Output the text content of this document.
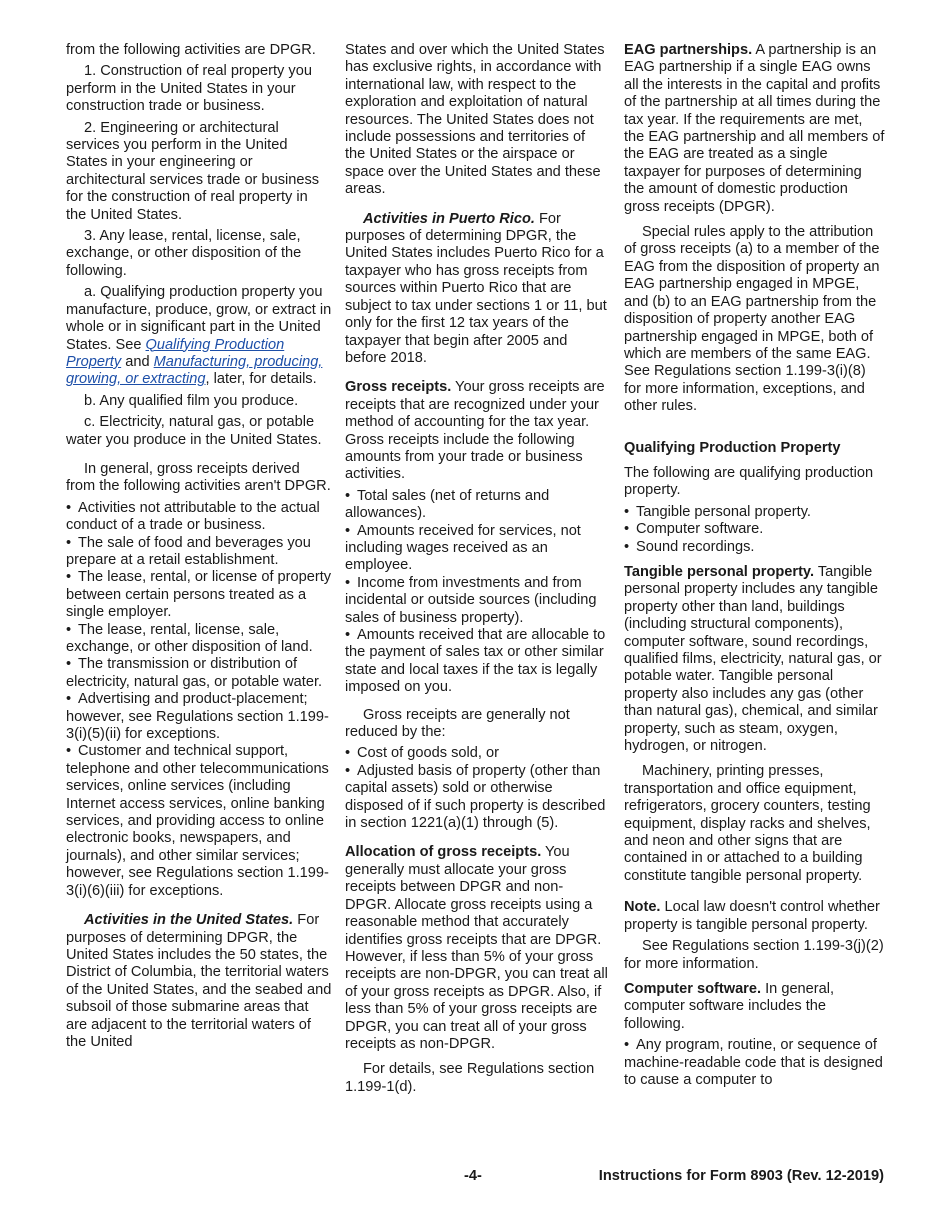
from the following activities are DPGR.

1. Construction of real property you perform in the United States in your construction trade or business.

2. Engineering or architectural services you perform in the United States in your engineering or architectural services trade or business for the construction of real property in the United States.

3. Any lease, rental, license, sale, exchange, or other disposition of the following.

a. Qualifying production property you manufacture, produce, grow, or extract in whole or in significant part in the United States. See Qualifying Production Property and Manufacturing, producing, growing, or extracting, later, for details.

b. Any qualified film you produce.

c. Electricity, natural gas, or potable water you produce in the United States.

In general, gross receipts derived from the following activities aren't DPGR.

• Activities not attributable to the actual conduct of a trade or business.

• The sale of food and beverages you prepare at a retail establishment.

• The lease, rental, or license of property between certain persons treated as a single employer.

• The lease, rental, license, sale, exchange, or other disposition of land.

• The transmission or distribution of electricity, natural gas, or potable water.

• Advertising and product-placement; however, see Regulations section 1.199-3(i)(5)(ii) for exceptions.

• Customer and technical support, telephone and other telecommunications services, online services (including Internet access services, online banking services, and providing access to online electronic books, newspapers, and journals), and other similar services; however, see Regulations section 1.199-3(i)(6)(iii) for exceptions.

Activities in the United States. For purposes of determining DPGR, the United States includes the 50 states, the District of Columbia, the territorial waters of the United States, and the seabed and subsoil of those submarine areas that are adjacent to the territorial waters of the United

States and over which the United States has exclusive rights, in accordance with international law, with respect to the exploration and exploitation of natural resources. The United States does not include possessions and territories of the United States or the airspace or space over the United States and these areas.

Activities in Puerto Rico. For purposes of determining DPGR, the United States includes Puerto Rico for a taxpayer who has gross receipts from sources within Puerto Rico that are subject to tax under sections 1 or 11, but only for the first 12 tax years of the taxpayer that begin after 2005 and before 2018.

Gross receipts. Your gross receipts are receipts that are recognized under your method of accounting for the tax year. Gross receipts include the following amounts from your trade or business activities.

• Total sales (net of returns and allowances).

• Amounts received for services, not including wages received as an employee.

• Income from investments and from incidental or outside sources (including sales of business property).

• Amounts received that are allocable to the payment of sales tax or other similar state and local taxes if the tax is legally imposed on you.

Gross receipts are generally not reduced by the:

• Cost of goods sold, or

• Adjusted basis of property (other than capital assets) sold or otherwise disposed of if such property is described in section 1221(a)(1) through (5).

Allocation of gross receipts. You generally must allocate your gross receipts between DPGR and non-DPGR. Allocate gross receipts using a reasonable method that accurately identifies gross receipts that are DPGR. However, if less than 5% of your gross receipts are non-DPGR, you can treat all of your gross receipts as DPGR. Also, if less than 5% of your gross receipts are DPGR, you can treat all of your gross receipts as non-DPGR.

For details, see Regulations section 1.199-1(d).

EAG partnerships. A partnership is an EAG partnership if a single EAG owns all the interests in the capital and profits of the partnership at all times during the tax year. If the requirements are met, the EAG partnership and all members of the EAG are treated as a single taxpayer for purposes of determining the amount of domestic production gross receipts (DPGR).

Special rules apply to the attribution of gross receipts (a) to a member of the EAG from the disposition of property an EAG partnership engaged in MPGE, and (b) to an EAG partnership from the disposition of property another EAG partnership engaged in MPGE, both of which are members of the same EAG. See Regulations section 1.199-3(i)(8) for more information, exceptions, and other rules.

Qualifying Production Property

The following are qualifying production property.

• Tangible personal property.

• Computer software.

• Sound recordings.

Tangible personal property. Tangible personal property includes any tangible property other than land, buildings (including structural components), computer software, sound recordings, qualified films, electricity, natural gas, or potable water. Tangible personal property also includes any gas (other than natural gas), chemical, and similar property, such as steam, oxygen, hydrogen, or nitrogen.

Machinery, printing presses, transportation and office equipment, refrigerators, grocery counters, testing equipment, display racks and shelves, and neon and other signs that are contained in or attached to a building constitute tangible personal property.

Note. Local law doesn't control whether property is tangible personal property.

See Regulations section 1.199-3(j)(2) for more information.

Computer software. In general, computer software includes the following.

• Any program, routine, or sequence of machine-readable code that is designed to cause a computer to

-4-	Instructions for Form 8903 (Rev. 12-2019)
